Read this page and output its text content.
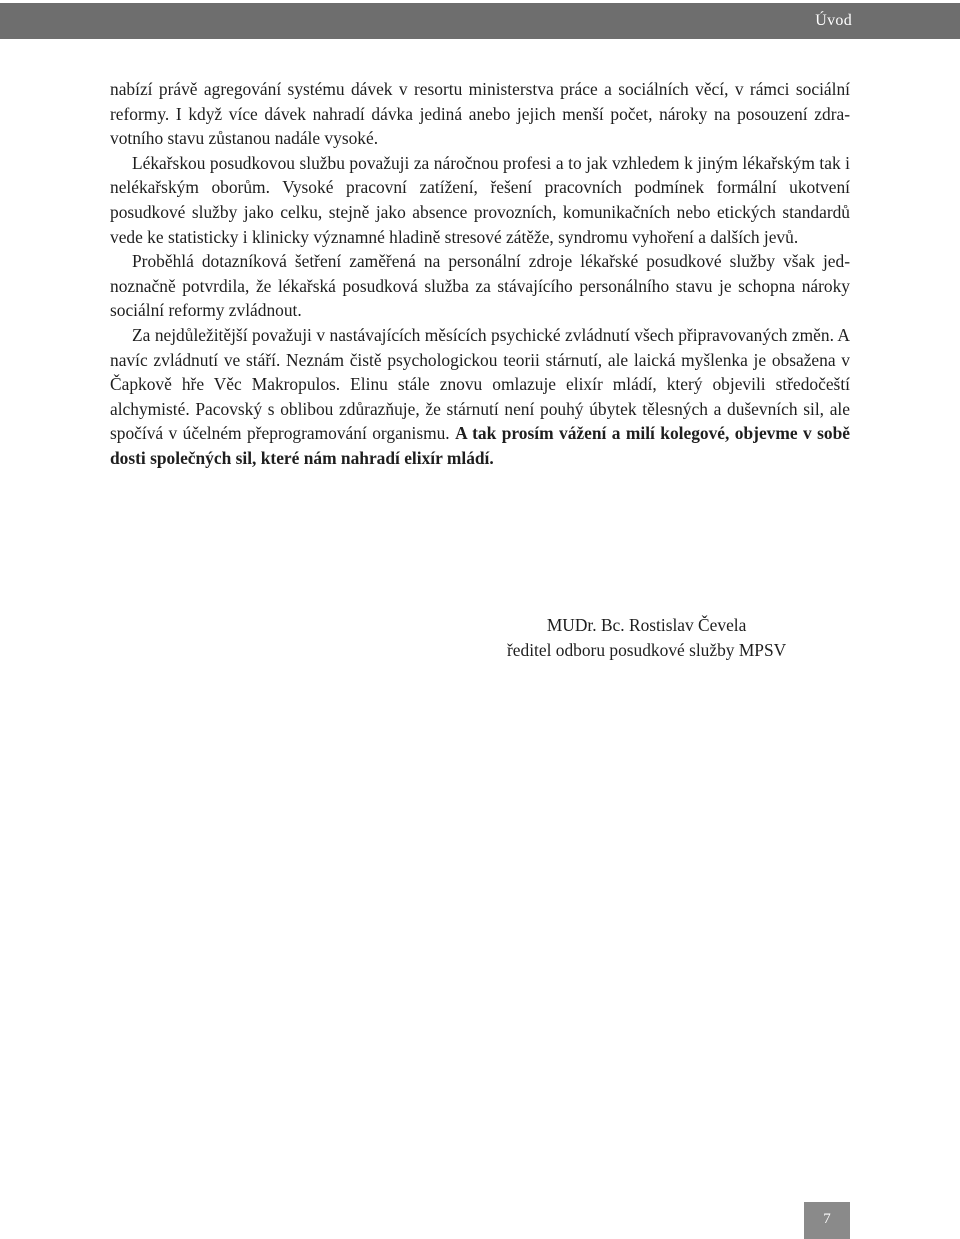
Úvod

nabízí právě agregování systému dávek v resortu ministerstva práce a sociálních věcí, v rámci sociální reformy. I když více dávek nahradí dávka jediná anebo jejich menší počet, nároky na posouzení zdravotního stavu zůstanou nadále vysoké.

Lékařskou posudkovou službu považuji za náročnou profesi a to jak vzhledem k jiným lékařským tak i nelékařským oborům. Vysoké pracovní zatížení, řešení pracovních podmínek formální ukotvení posudkové služby jako celku, stejně jako absence provozních, komunikačních nebo etických standardů vede ke statisticky i klinicky významné hladině stresové zátěže, syndromu vyhoření a dalších jevů.

Proběhlá dotazníková šetření zaměřená na personální zdroje lékařské posudkové služby však jednoznačně potvrdila, že lékařská posudková služba za stávajícího personálního stavu je schopna nároky sociální reformy zvládnout.

Za nejdůležitější považuji v nastávajících měsících psychické zvládnutí všech připravovaných změn. A navíc zvládnutí ve stáří. Neznám čistě psychologickou teorii stárnutí, ale laická myšlenka je obsažena v Čapkově hře Věc Makropulos. Elinu stále znovu omlazuje elixír mládí, který objevili středočeští alchymisté. Pacovský s oblibou zdůrazňuje, že stárnutí není pouhý úbytek tělesných a duševních sil, ale spočívá v účelném přeprogramování organismu. A tak prosím vážení a milí kolegové, objevme v sobě dosti společných sil, které nám nahradí elixír mládí.

MUDr. Bc. Rostislav Čevela
ředitel odboru posudkové služby MPSV
7
